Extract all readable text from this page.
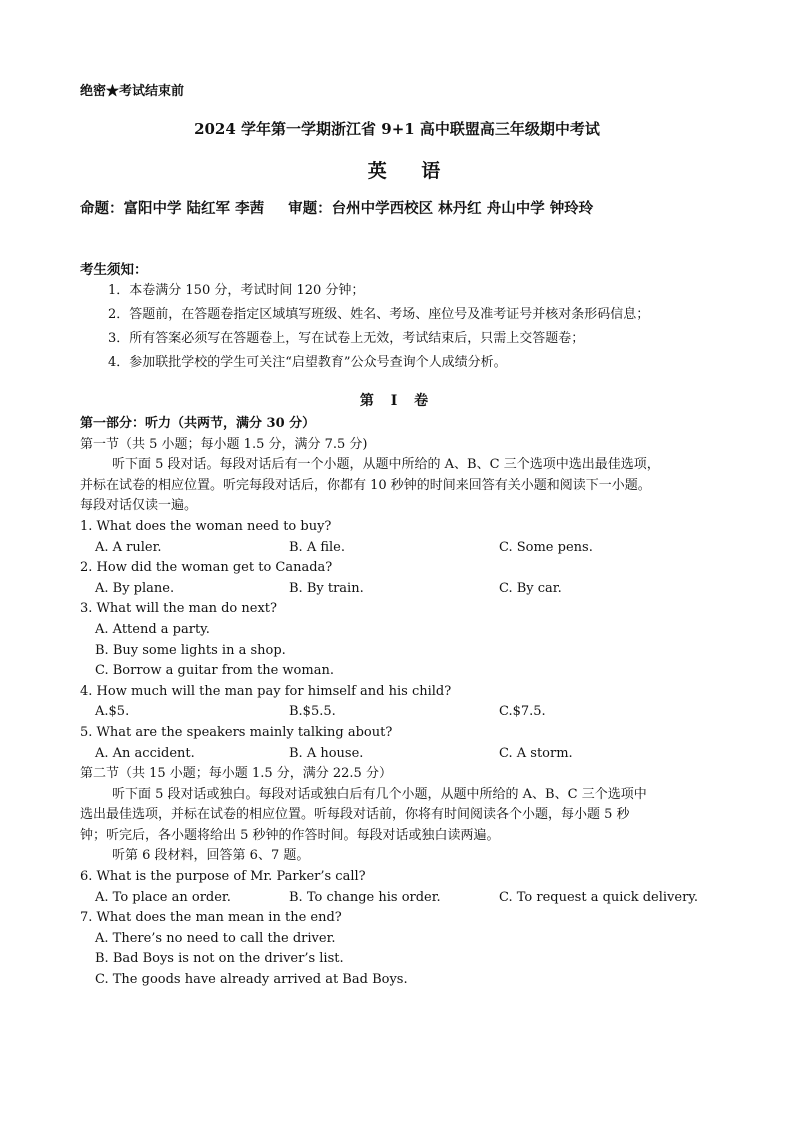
绝密★考试结束前
2024 学年第一学期浙江省 9+1 高中联盟高三年级期中考试
英 语
命题：富阳中学 陆红军 李茜 审题：台州中学西校区 林丹红 舟山中学 钟玲玲
考生须知：
1．本卷满分 150 分，考试时间 120 分钟；
2．答题前，在答题卷指定区域填写班级、姓名、考场、座位号及准考证号并核对条形码信息；
3．所有答案必须写在答题卷上，写在试卷上无效，考试结束后，只需上交答题卷；
4．参加联批学校的学生可关注“启望教育”公众号查询个人成绩分析。
第 Ⅰ 卷
第一部分：听力（共两节，满分 30 分）
第一节（共 5 小题；每小题 1.5 分，满分 7.5 分)
听下面 5 段对话。每段对话后有一个小题，从题中所给的 A、B、C 三个选项中选出最佳选项，
并标在试卷的相应位置。听完每段对话后，你都有 10 秒钟的时间来回答有关小题和阅读下一小题。
每段对话仅读一遍。
1. What does the woman need to buy?
A. A ruler.	B. A file.	C. Some pens.
2. How did the woman get to Canada?
A. By plane.	B. By train.	C. By car.
3. What will the man do next?
A. Attend a party.
B. Buy some lights in a shop.
C. Borrow a guitar from the woman.
4. How much will the man pay for himself and his child?
A.$5.	B.$5.5.	C.$7.5.
5. What are the speakers mainly talking about?
A. An accident.	B. A house.	C. A storm.
第二节（共 15 小题；每小题 1.5 分，满分 22.5 分）
听下面 5 段对话或独白。每段对话或独白后有几个小题，从题中所给的 A、B、C 三个选项中
选出最佳选项，并标在试卷的相应位置。听每段对话前，你将有时间阅读各个小题，每小题 5 秒
钟；听完后，各小题将给出 5 秒钟的作答时间。每段对话或独白读两遍。
听第 6 段材料，回答第 6、7 题。
6. What is the purpose of Mr. Parker’s call?
A. To place an order.	B. To change his order.	C. To request a quick delivery.
7. What does the man mean in the end?
A. There’s no need to call the driver.
B. Bad Boys is not on the driver’s list.
C. The goods have already arrived at Bad Boys.
